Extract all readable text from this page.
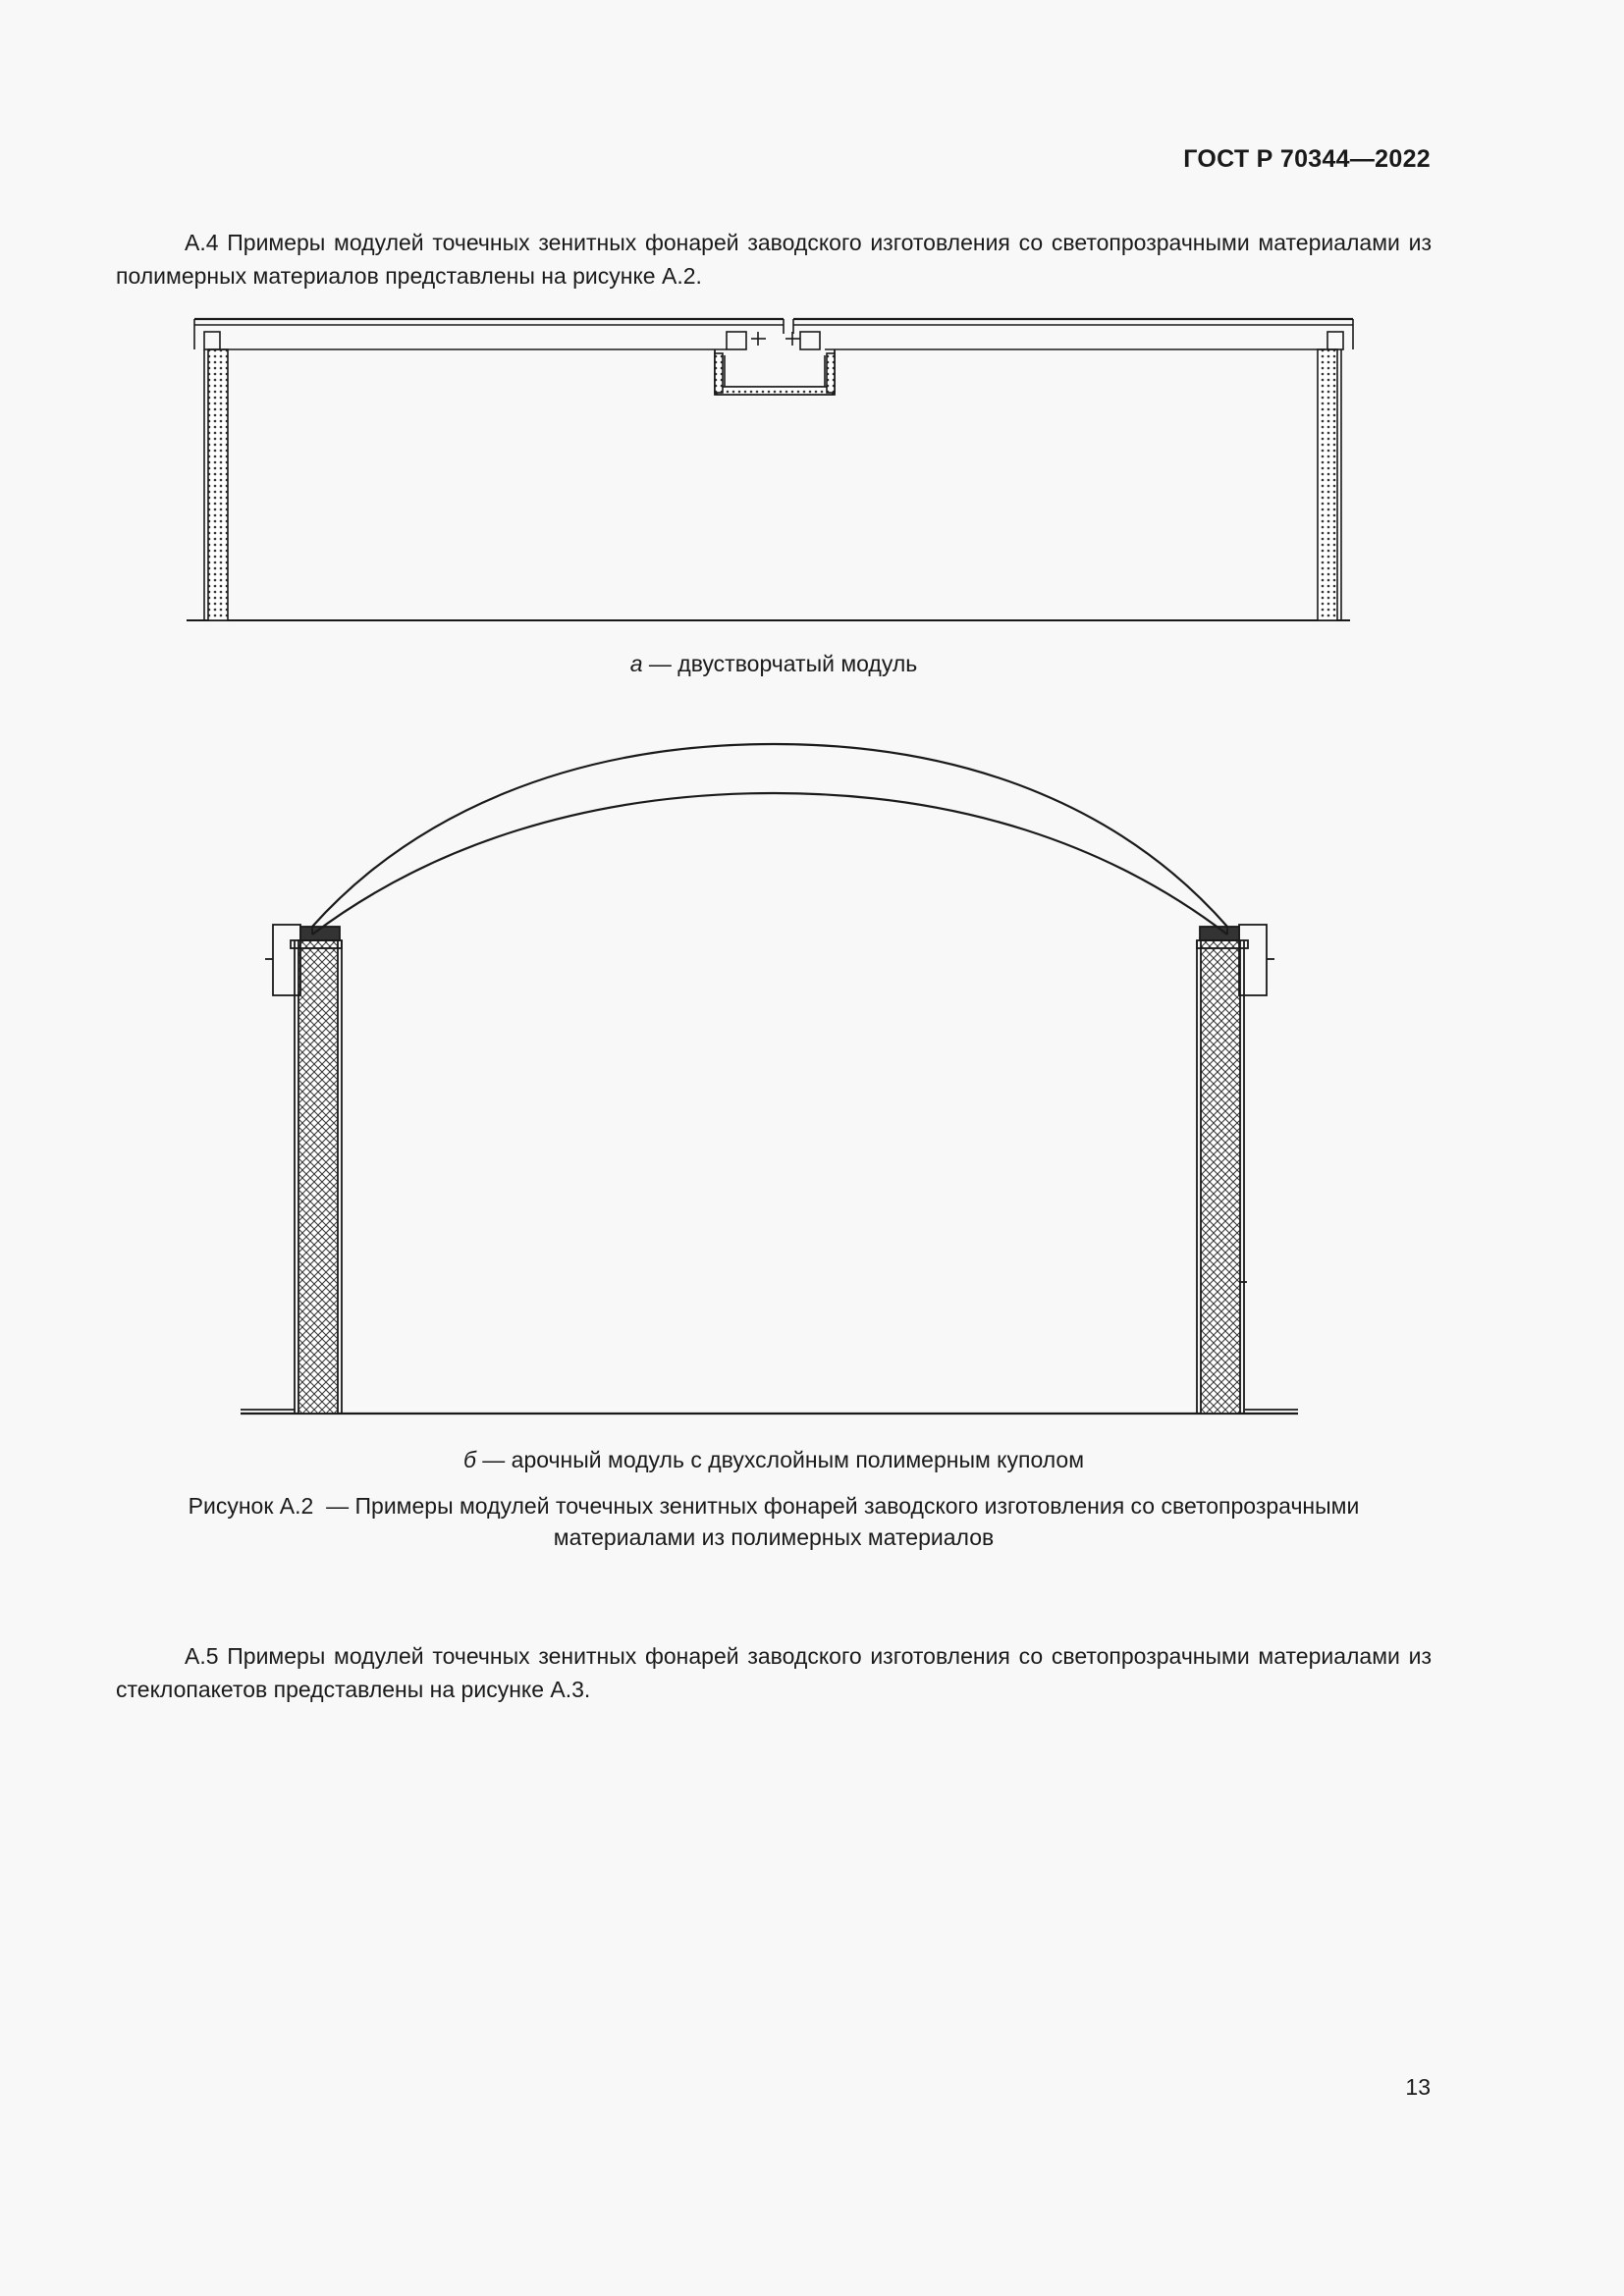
ГОСТ Р 70344—2022
А.4 Примеры модулей точечных зенитных фонарей заводского изготовления со светопрозрачными материалами из полимерных материалов представлены на рисунке А.2.
а — двустворчатый модуль
б — арочный модуль с двухслойным полимерным куполом
Рисунок А.2  — Примеры модулей точечных зенитных фонарей заводского изготовления со светопрозрачными
материалами из полимерных материалов
А.5 Примеры модулей точечных зенитных фонарей заводского изготовления со светопрозрачными материалами из стеклопакетов представлены на рисунке А.3.
13
